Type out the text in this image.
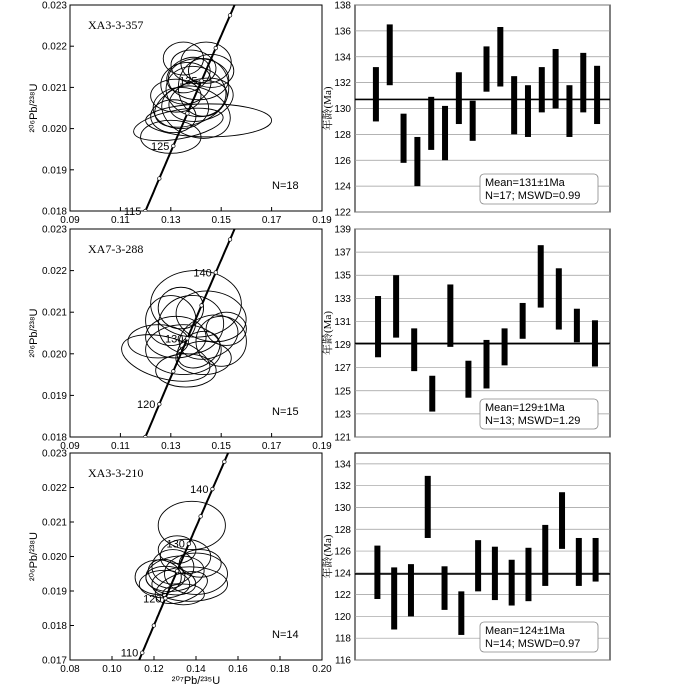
0.09	0.11	0.13	0.15	0.17	0.19
0.018
0.019
0.020
0.021
0.022
0.023
115
125
135
XA3-3-357
N=18
²⁰⁶Pb/²³⁸U
122
124
126
128
130
132
134
136
138
Mean=131±1Ma
N=17; MSWD=0.99
年龄(Ma)
0.09	0.11	0.13	0.15	0.17	0.19
0.018
0.019
0.020
0.021
0.022
0.023
120
130
140
XA7-3-288
N=15
²⁰⁶Pb/²³⁸U
121
123
125
127
129
131
133
135
137
139
Mean=129±1Ma
N=13; MSWD=1.29
年龄(Ma)
0.08 0.10 0.12 0.14 0.16 0.18 0.20
0.017
0.018
0.019
0.020
0.021
0.022
0.023
110
120
130
140
XA3-3-210
N=14
²⁰⁶Pb/²³⁸U
²⁰⁷Pb/²³⁵U
116
118
120
122
124
126
128
130
132
134
Mean=124±1Ma
N=14; MSWD=0.97
年龄(Ma)
